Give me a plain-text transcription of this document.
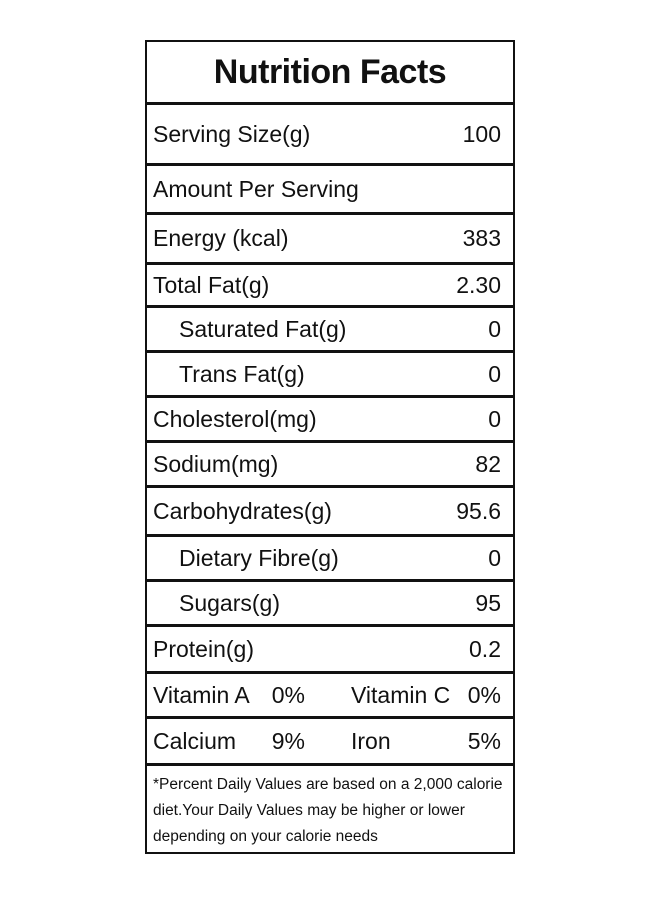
Nutrition Facts
Serving Size(g)	100
Amount Per Serving
Energy (kcal)	383
Total Fat(g)	2.30
Saturated Fat(g)	0
Trans Fat(g)	0
Cholesterol(mg)	0
Sodium(mg)	82
Carbohydrates(g)	95.6
Dietary Fibre(g)	0
Sugars(g)	95
Protein(g)	0.2
Vitamin A 0% Vitamin C 0%
Calcium 9% Iron	5%
*Percent Daily Values are based on a 2,000 calorie diet.Your Daily Values may be higher or lower depending on your calorie needs
